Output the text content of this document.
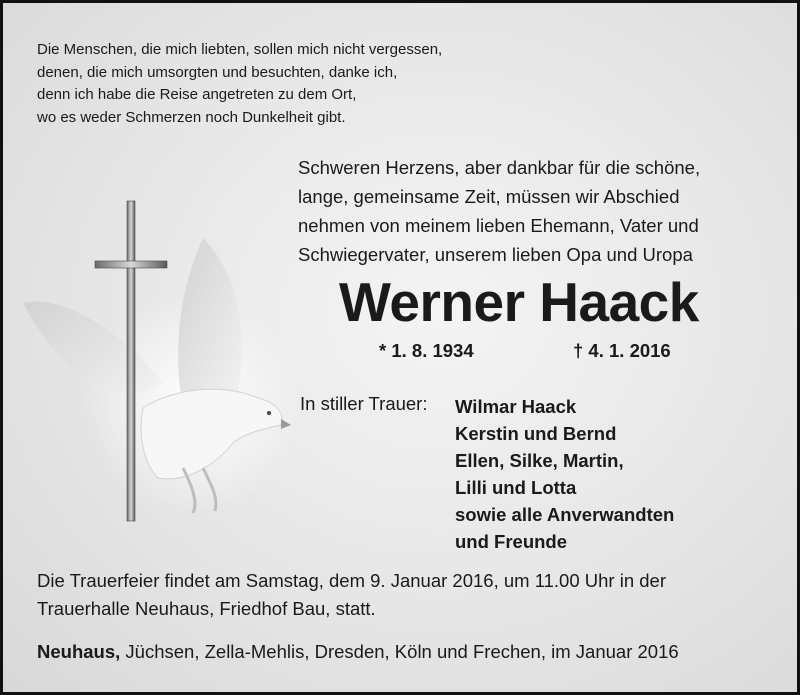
Die Menschen, die mich liebten, sollen mich nicht vergessen,
denen, die mich umsorgten und besuchten, danke ich,
denn ich habe die Reise angetreten zu dem Ort,
wo es weder Schmerzen noch Dunkelheit gibt.
Schweren Herzens, aber dankbar für die schöne,
lange, gemeinsame Zeit, müssen wir Abschied
nehmen von meinem lieben Ehemann, Vater und
Schwiegervater, unserem lieben Opa und Uropa
Werner Haack
* 1. 8. 1934	† 4. 1. 2016
In stiller Trauer: Wilmar Haack
Kerstin und Bernd
Ellen, Silke, Martin,
Lilli und Lotta
sowie alle Anverwandten
und Freunde
Die Trauerfeier findet am Samstag, dem 9. Januar 2016, um 11.00 Uhr in der
Trauerhalle Neuhaus, Friedhof Bau, statt.
Neuhaus, Jüchsen, Zella-Mehlis, Dresden, Köln und Frechen, im Januar 2016
